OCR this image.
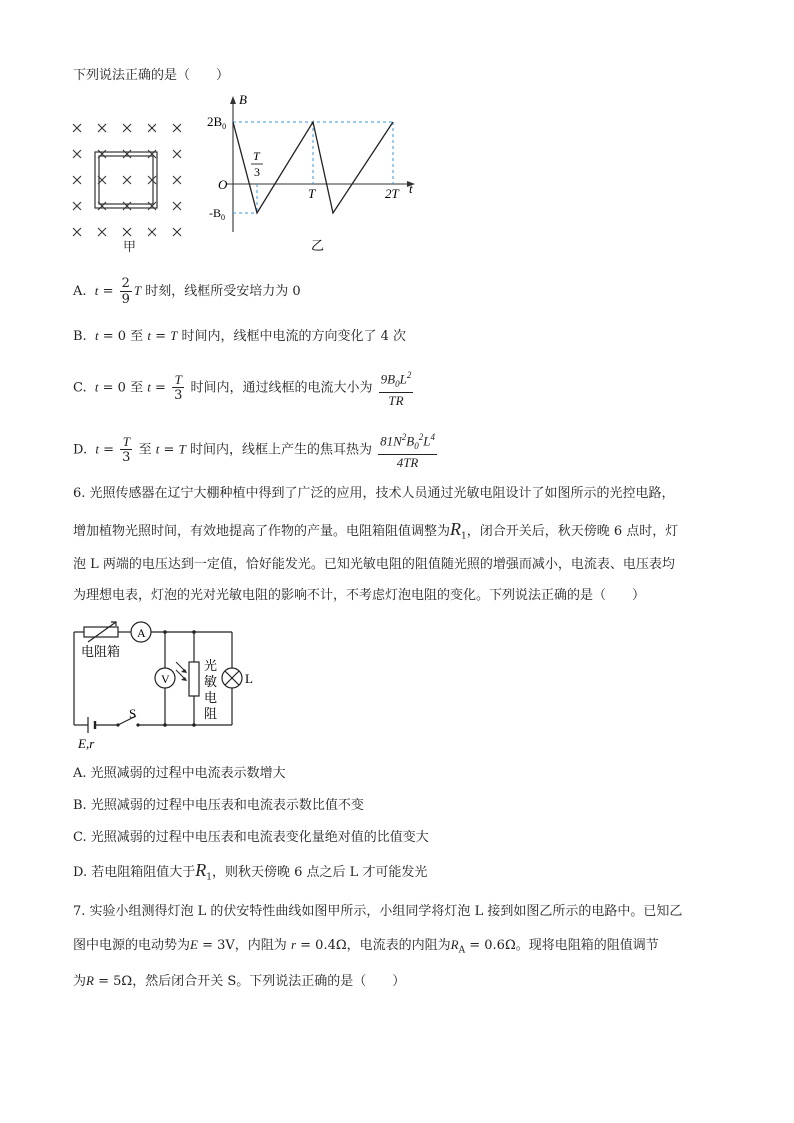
下列说法正确的是（　　）
甲
B
t
O
$2B_0$
$-B_0$
T
3
T	2T
乙
A. $t = \frac{2}{9}$ T 时刻，线框所受安培力为 0
B. t = 0 至 t = T 时间内，线框中电流的方向变化了 4 次
C. t = 0 至 $t = \frac{T}{3}$ 时间内，通过线框的电流大小为 $\frac{9B_0L^2}{TR}$
D. $t = \frac{T}{3}$ 至 t = T 时间内，线框上产生的焦耳热为 $\frac{81N^2B_0^2L^4}{4TR}$
6. 光照传感器在辽宁大棚种植中得到了广泛的应用，技术人员通过光敏电阻设计了如图所示的光控电路，
增加植物光照时间，有效地提高了作物的产量。电阻箱阻值调整为$R_1$，闭合开关后，秋天傍晚 6 点时，灯
泡 L 两端的电压达到一定值，恰好能发光。已知光敏电阻的阻值随光照的增强而减小，电流表、电压表均
为理想电表，灯泡的光对光敏电阻的影响不计，不考虑灯泡电阻的变化。下列说法正确的是（　　）
A
V
电阻箱
光
敏
电
阻
L
S
E,r
A. 光照减弱的过程中电流表示数增大
B. 光照减弱的过程中电压表和电流表示数比值不变
C. 光照减弱的过程中电压表和电流表变化量绝对值的比值变大
D. 若电阻箱阻值大于$R_1$，则秋天傍晚 6 点之后 L 才可能发光
7. 实验小组测得灯泡 L 的伏安特性曲线如图甲所示，小组同学将灯泡 L 接到如图乙所示的电路中。已知乙
图中电源的电动势为E = 3V，内阻为 r = 0.4Ω，电流表的内阻为$R_A = 0.6\Omega$。现将电阻箱的阻值调节
为R = 5Ω，然后闭合开关 S。下列说法正确的是（　　）
